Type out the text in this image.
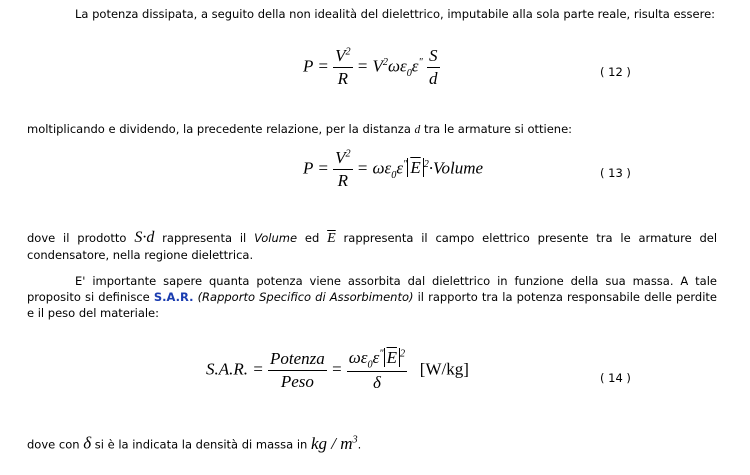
La potenza dissipata, a seguito della non idealità del dielettrico, imputabile alla sola parte reale, risulta essere:

$P = \frac{V^2}{R} = V^2\omega\varepsilon_0\varepsilon^" \frac{S}{d}$	( 12 )

moltiplicando e dividendo, la precedente relazione, per la distanza d tra le armature si ottiene:

$P = \frac{V^2}{R} = \omega\varepsilon_0\varepsilon^"$ $\overline{E}$ $^2$·Volume	( 13 )

dove il prodotto S·d rappresenta il Volume ed $\overline{E}$ rappresenta il campo elettrico presente tra le armature del condensatore, nella regione dielettrica.

E' importante sapere quanta potenza viene assorbita dal dielettrico in funzione della sua massa. A tale proposito si definisce S.A.R. (Rapporto Specifico di Assorbimento) il rapporto tra la potenza responsabile delle perdite e il peso del materiale:

S.A.R. = $\frac{\text{Potenza}}{\text{Peso}} = \frac{\omega\varepsilon_0\varepsilon^" \overline{E} ^2}{\delta} [W/kg]$	( 14 )

dove con δ si è la indicata la densità di massa in kg / $m^3$.
